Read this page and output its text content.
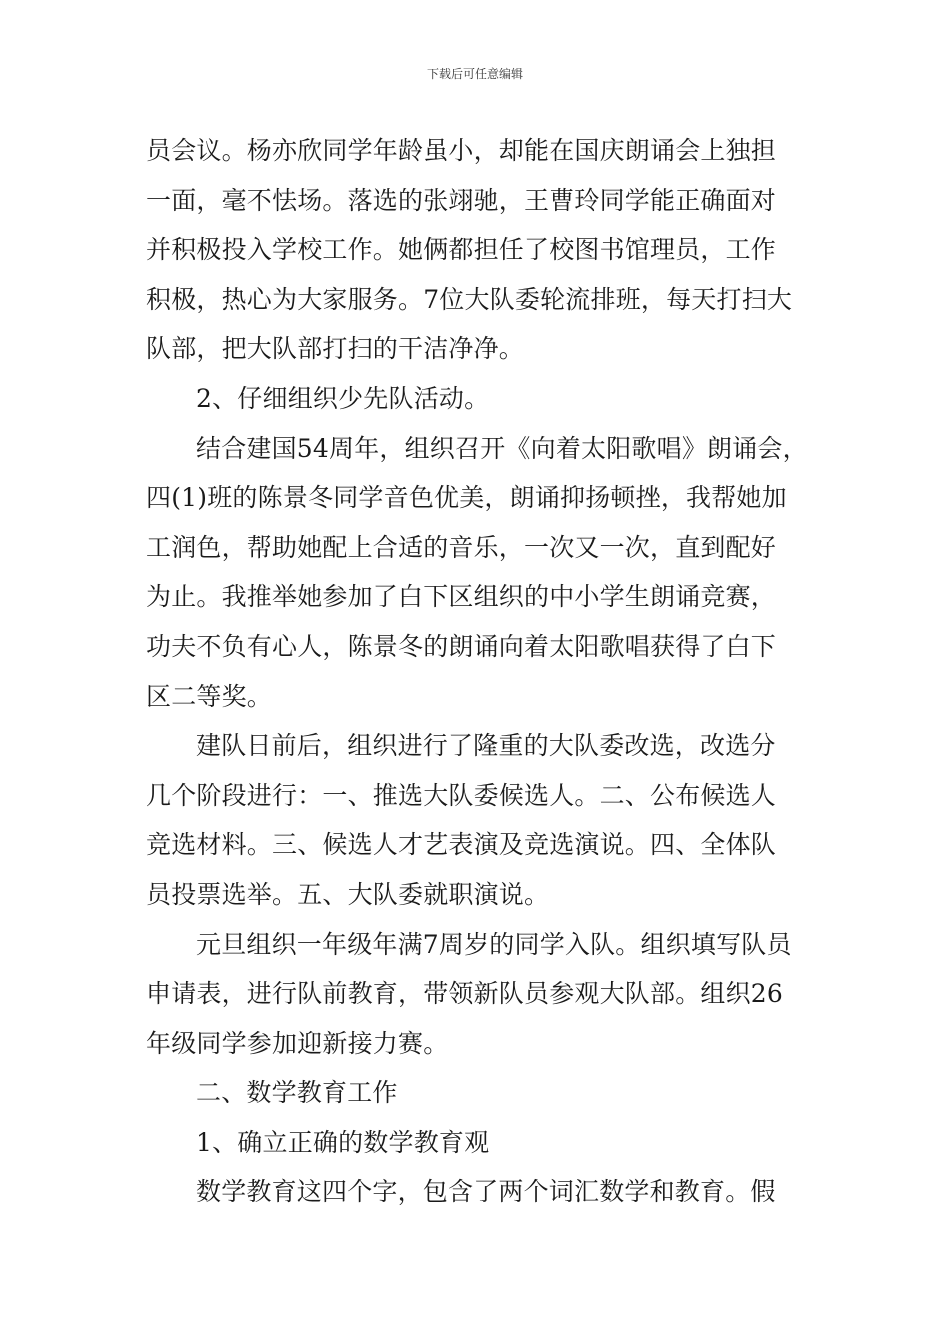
下载后可任意编辑
员会议。杨亦欣同学年龄虽小，却能在国庆朗诵会上独担
一面，毫不怯场。落选的张翊驰，王曹玲同学能正确面对
并积极投入学校工作。她俩都担任了校图书馆理员，工作
积极，热心为大家服务。7位大队委轮流排班，每天打扫大
队部，把大队部打扫的干洁净净。
2、仔细组织少先队活动。
结合建国54周年，组织召开《向着太阳歌唱》朗诵会，
四(1)班的陈景冬同学音色优美，朗诵抑扬顿挫，我帮她加
工润色，帮助她配上合适的音乐，一次又一次，直到配好
为止。我推举她参加了白下区组织的中小学生朗诵竞赛，
功夫不负有心人，陈景冬的朗诵向着太阳歌唱获得了白下
区二等奖。
建队日前后，组织进行了隆重的大队委改选，改选分
几个阶段进行：一、推选大队委候选人。二、公布候选人
竞选材料。三、候选人才艺表演及竞选演说。四、全体队
员投票选举。五、大队委就职演说。
元旦组织一年级年满7周岁的同学入队。组织填写队员
申请表，进行队前教育，带领新队员参观大队部。组织26
年级同学参加迎新接力赛。
二、数学教育工作
1、确立正确的数学教育观
数学教育这四个字，包含了两个词汇数学和教育。假
